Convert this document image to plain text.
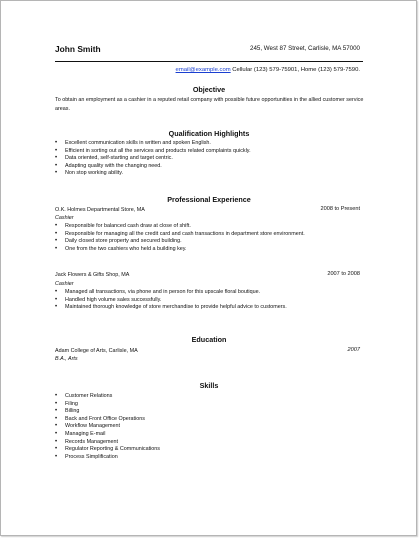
John Smith	245, West 87 Street, Carlisle, MA 57000
email@example.com Cellular (123) 579-75901, Home (123) 579-7590.
Objective
To obtain an employment as a cashier in a reputed retail company with possible future opportunities in the allied customer service areas.
Qualification Highlights
• Excellent communication skills in written and spoken English.
• Efficient in sorting out all the services and products related complaints quickly.
• Data oriented, self-starting and target centric.
• Adapting quality with the changing need.
• Non stop working ability.
Professional Experience
O.K. Holmes Departmental Store, MA	2008 to Present
Cashier
• Responsible for balanced cash draw at close of shift.
• Responsible for managing all the credit card and cash transactions in department store environment.
• Daily closed store property and secured building.
• One from the two cashiers who held a building key.
Jack Flowers & Gifts Shop, MA	2007 to 2008
Cashier
• Managed all transactions, via phone and in person for this upscale floral boutique.
• Handled high volume sales successfully.
• Maintained thorough knowledge of store merchandise to provide helpful advice to customers.
Education
Adam College of Arts, Carlisle, MA	2007
B.A., Arts
Skills
• Customer Relations
• Filing
• Billing
• Back and Front Office Operations
• Workflow Management
• Managing E-mail
• Records Management
• Regulator Reporting & Communications
• Process Simplification
